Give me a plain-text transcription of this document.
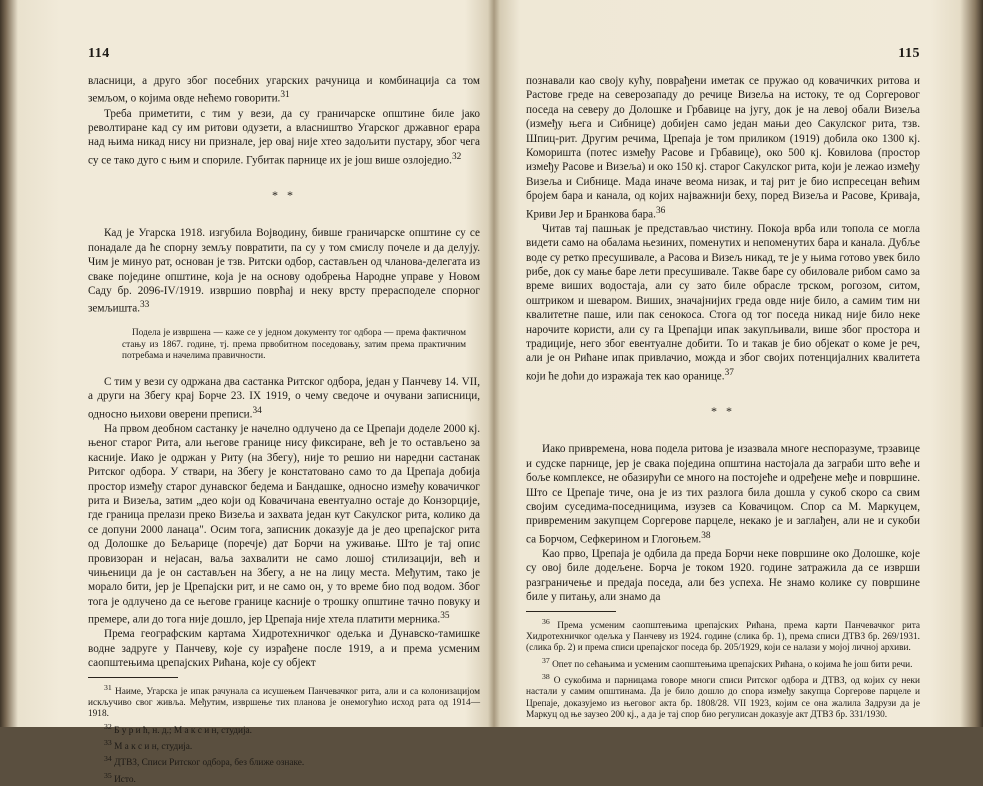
114

власници, а друго због посебних угарских рачуница и комбинација са том земљом, о којима овде нећемо говорити.$^{31}$

Треба приметити, с тим у вези, да су граничарске општине биле јако револтиране кад су им ритови одузети, а власништво Угарског државног ерара над њима никад нису ни признале, јер овај није хтео задољити пустару, због чега су се тако дуго с њим и спориле. Губитак парнице их је још више озлоједио.$^{32}$

* *

Кад је Угарска 1918. изгубила Војводину, бивше граничарске општине су се понадале да ће спорну земљу повратити, па су у том смислу почеле и да делују. Чим је минуо рат, основан је тзв. Ритски одбор, састављен од чланова-делегата из сваке поједине општине, која је на основу одобрења Народне управе у Новом Саду бр. 2096-IV/1919. извршио поврћај и неку врсту прерасподеле спорног земљишта.$^{33}$

Подела је извршена — каже се у једном документу тог одбора — према фактичном стању из 1867. године, тј. према првобитном поседовању, затим према практичним потребама и начелима правичности.

С тим у вези су одржана два састанка Ритског одбора, један у Панчеву 14. VII, а други на Збегу крај Борче 23. IX 1919, о чему сведоче и очувани записници, односно њихови оверени преписи.$^{34}$

На првом деобном састанку је начелно одлучено да се Црепаји доделе 2000 кј. њеног старог Рита, али његове границе нису фиксиране, већ је то остављено за касније. Иако је одржан у Риту (на Збегу), није то решио ни наредни састанак Ритског одбора. У ствари, на Збегу је констатовано само то да Црепаја добија простор између старог дунавског бедема и Бандашке, односно између ковачичког рита и Визеља, затим „део који од Ковачичана евентуално остаје до Конзорције, где граница прелази преко Визеља и захвата један кут Сакулског рита, колико да се допуни 2000 ланаца". Осим тога, записник доказује да је део црепајског рита од Долошке до Бељарице (поречје) дат Борчи на уживање. Што је тај опис провизоран и нејасан, ваља захвалити не само лошој стилизацији, већ и чињеници да је он састављен на Збегу, а не на лицу места. Међутим, тако је морало бити, јер је Црепајски рит, и не само он, у то време био под водом. Због тога је одлучено да се његове границе касније о трошку општине тачно повуку и премере, али до тога није дошло, јер Црепаја није хтела платити мерника.$^{35}$

Према географским картама Хидротехничког одељка и Дунавско-тамишке водне задруге у Панчеву, које су израђене после 1919, а и према усменим саопштењима црепајских Рићана, које су објект

$^{31}$ Наиме, Угарска је ипак рачунала са исушењем Панчевачког рита, али и са колонизацијом искључиво свог живља. Међутим, извршење тих планова је онемогућио исход рата од 1914—1918.

$^{32}$ Б у р и ћ, н. д.; М а к с и н, студија.

$^{33}$ М а к с и н, студија.

$^{34}$ ДТВЗ, Списи Ритског одбора, без ближе ознаке.

$^{35}$ Исто.

115

познавали као своју кућу, поврађени иметак се пружао од ковачичких ритова и Растове греде на северозападу до речице Визеља на истоку, те од Соргеровог поседа на северу до Долошке и Грбавице на југу, док је на левој обали Визеља (између њега и Сибнице) добијен само један мањи део Сакулског рита, тзв. Шпиц-рит. Другим речима, Црепаја је том приликом (1919) добила око 1300 кј. Коморишта (потес између Расове и Грбавице), око 500 кј. Ковилова (простор између Расове и Визеља) и око 150 кј. старог Сакулског рита, који је лежао између Визеља и Сибнице. Мада иначе веома низак, и тај рит је био испресецан већим бројем бара и канала, од којих најважнији беху, поред Визеља и Расове, Криваја, Криви Јер и Бранкова бара.$^{36}$

Читав тај пашњак је представљао чистину. Покоја врба или топола се могла видети само на обалама њезиних, поменутих и непоменутих бара и канала. Дубље воде су ретко пресушивале, а Расова и Визељ никад, те је у њима готово увек било рибе, док су мање баре лети пресушивале. Такве баре су обиловале рибом само за време виших водостаја, али су зато биле обрасле трском, рогозом, ситом, оштриком и шеваром. Виших, значајнијих греда овде није било, а самим тим ни квалитетне паше, или пак сенокоса. Стога од тог поседа никад није било неке нарочите користи, али су га Црепајци ипак закупљивали, више због простора и традиције, него због евентуалне добити. То и такав је био објекат о коме је реч, али је он Рићане ипак привлачио, можда и због својих потенцијалних квалитета који ће доћи до изражаја тек као оранице.$^{37}$

* *

Иако привремена, нова подела ритова је изазвала многе неспоразуме, трзавице и судске парнице, јер је свака поједина општина настојала да заграби што веће и боље комплексе, не обазирући се много на постојеће и одређене међе и површине. Што се Црепаје тиче, она је из тих разлога била дошла у сукоб скоро са свим својим суседима-поседницима, изузев са Ковачицом. Спор са М. Маркуцем, привременим закупцем Соргерове парцеле, некако је и заглађен, али не и сукоби са Борчом, Сефкерином и Глогоњем.$^{38}$

Као прво, Црепаја је одбила да преда Борчи неке површине око Долошке, које су овој биле додељене. Борча је током 1920. године затражила да се изврши разграничење и предаја поседа, али без успеха. Не знамо колике су површине биле у питању, али знамо да

$^{36}$ Према усменим саопштењима црепајских Рићана, према карти Панчевачког рита Хидротехничког одељка у Панчеву из 1924. године (слика бр. 1), према списи ДТВЗ бр. 269/1931. (слика бр. 2) и према списи црепајског поседа бр. 205/1929, који се налази у мојој личној архиви.

$^{37}$ Опет по сећањима и усменим саопштењима црепајских Рићана, о којима ће још бити речи.

$^{38}$ О сукобима и парницама говоре многи списи Ритског одбора и ДТВЗ, од којих су неки настали у самим општинама. Да је било дошло до спора између закупца Соргерове парцеле и Црепаје, доказујемо из његовог акта бр. 1808/28. VII 1923, којим се она жалила Задрузи да је Маркуц од ње заузео 200 кј., а да је тај спор био регулисан доказује акт ДТВЗ бр. 331/1930.
